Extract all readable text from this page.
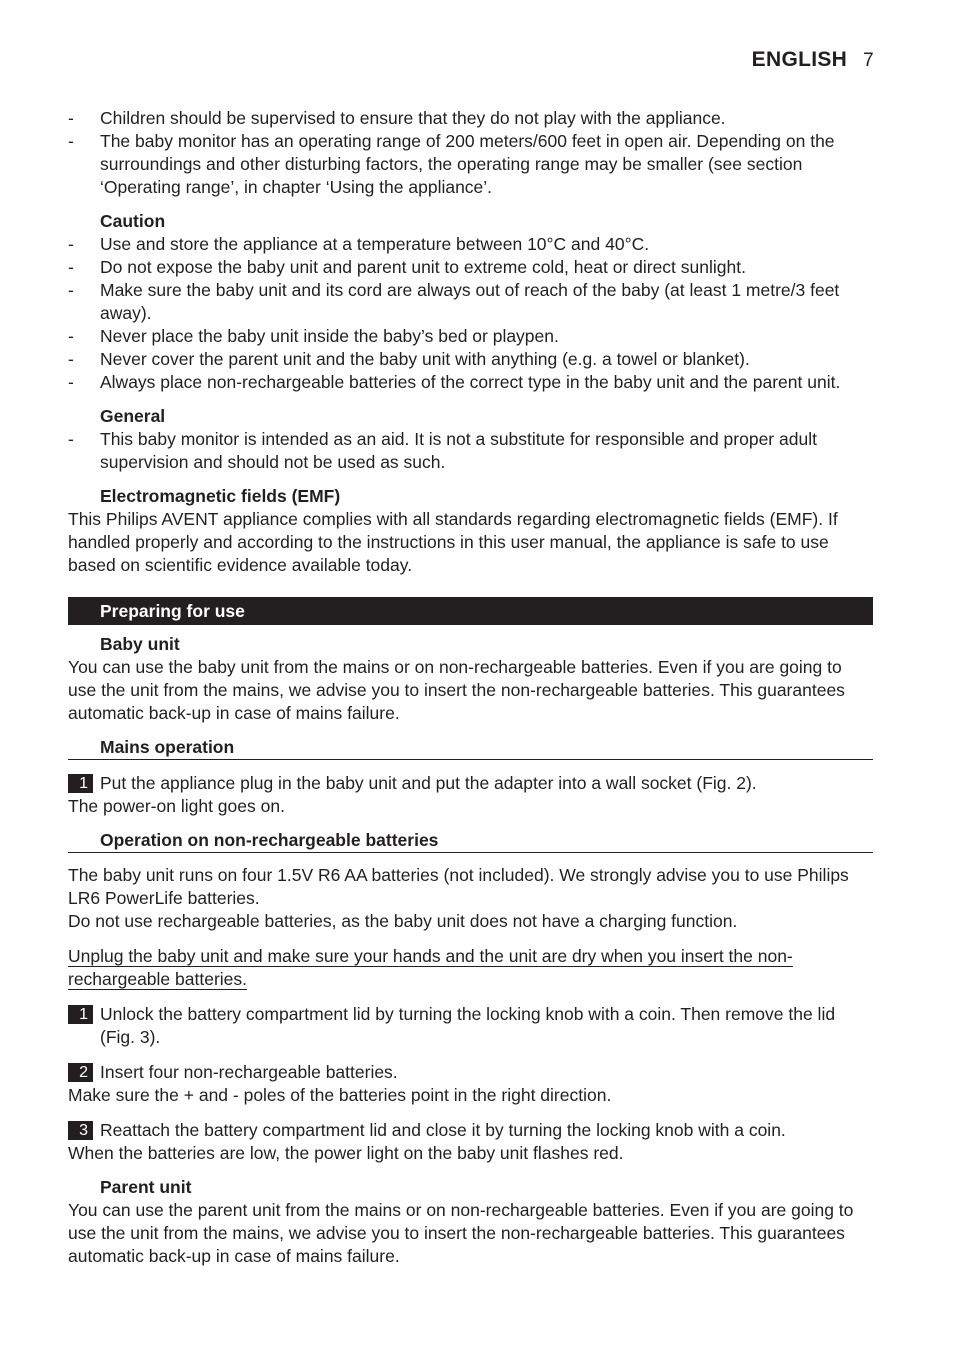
ENGLISH 7
- Children should be supervised to ensure that they do not play with the appliance.
- The baby monitor has an operating range of 200 meters/600 feet in open air. Depending on the surroundings and other disturbing factors, the operating range may be smaller (see section ‘Operating range’, in chapter ‘Using the appliance’.
Caution
- Use and store the appliance at a temperature between 10°C and 40°C.
- Do not expose the baby unit and parent unit to extreme cold, heat or direct sunlight.
- Make sure the baby unit and its cord are always out of reach of the baby (at least 1 metre/3 feet away).
- Never place the baby unit inside the baby’s bed or playpen.
- Never cover the parent unit and the baby unit with anything (e.g. a towel or blanket).
- Always place non-rechargeable batteries of the correct type in the baby unit and the parent unit.
General
- This baby monitor is intended as an aid. It is not a substitute for responsible and proper adult supervision and should not be used as such.
Electromagnetic fields (EMF)

This Philips AVENT appliance complies with all standards regarding electromagnetic fields (EMF). If handled properly and according to the instructions in this user manual, the appliance is safe to use based on scientific evidence available today.

Preparing for use
Baby unit

You can use the baby unit from the mains or on non-rechargeable batteries. Even if you are going to use the unit from the mains, we advise you to insert the non-rechargeable batteries. This guarantees automatic back-up in case of mains failure.

Mains operation
1 Put the appliance plug in the baby unit and put the adapter into a wall socket (Fig. 2).

The power-on light goes on.

Operation on non-rechargeable batteries

The baby unit runs on four 1.5V R6 AA batteries (not included). We strongly advise you to use Philips LR6 PowerLife batteries.

Do not use rechargeable batteries, as the baby unit does not have a charging function.

Unplug the baby unit and make sure your hands and the unit are dry when you insert the non-rechargeable batteries.

1 Unlock the battery compartment lid by turning the locking knob with a coin. Then remove the lid (Fig. 3).
2 Insert four non-rechargeable batteries.

Make sure the + and - poles of the batteries point in the right direction.

3 Reattach the battery compartment lid and close it by turning the locking knob with a coin.

When the batteries are low, the power light on the baby unit flashes red.

Parent unit

You can use the parent unit from the mains or on non-rechargeable batteries. Even if you are going to use the unit from the mains, we advise you to insert the non-rechargeable batteries. This guarantees automatic back-up in case of mains failure.
